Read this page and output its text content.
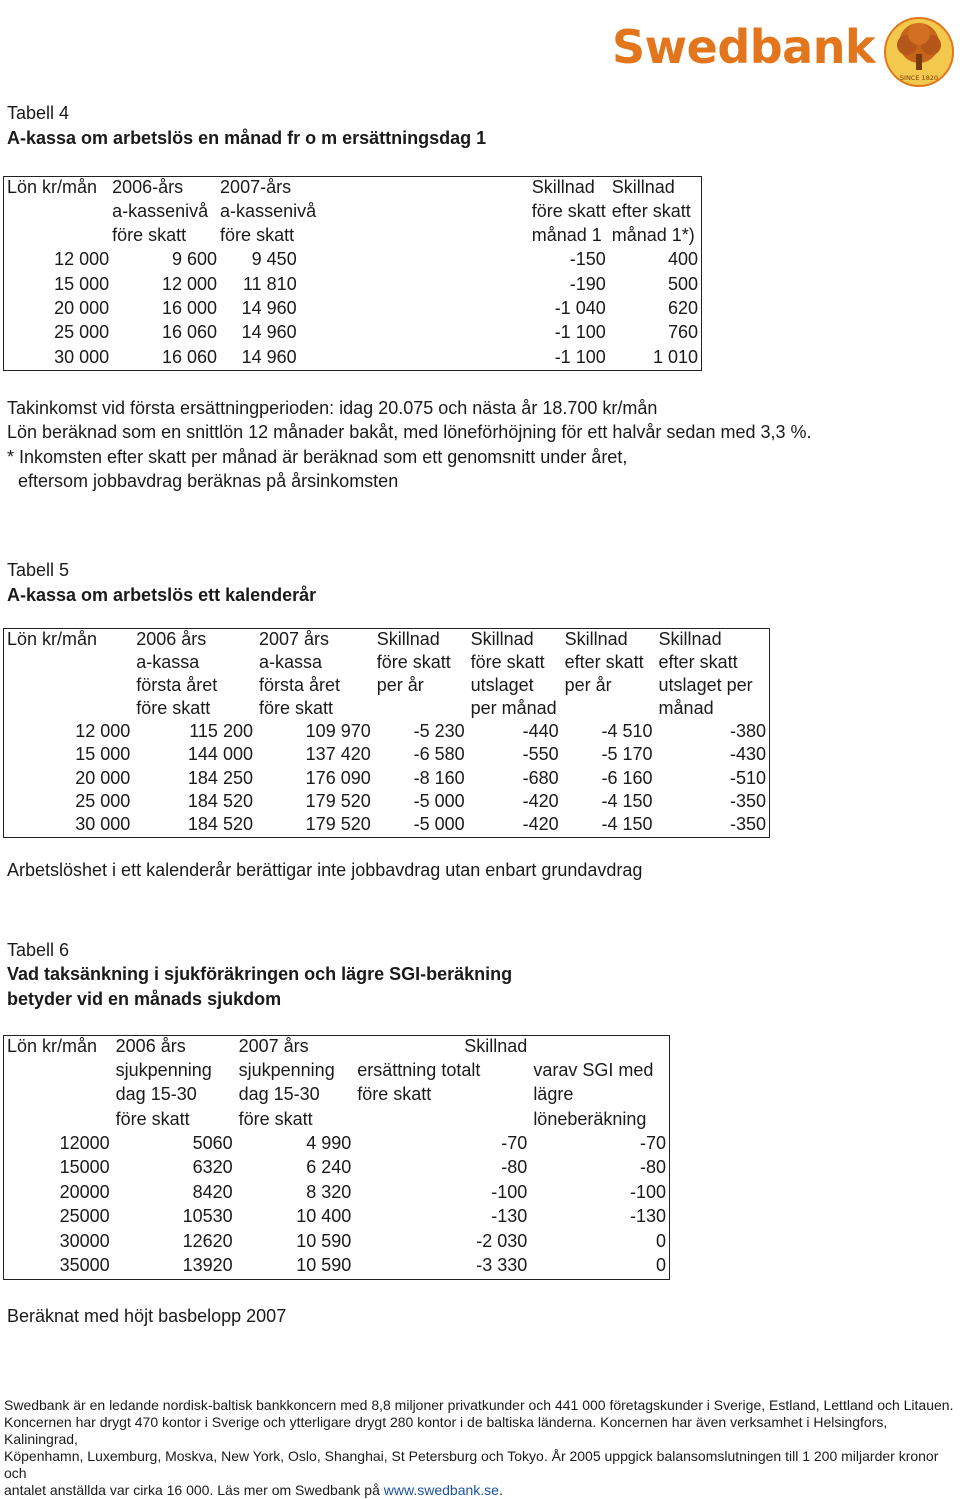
Swedbank
SINCE 1820
Tabell 4
A-kassa om arbetslös en månad fr o m ersättningsdag 1
Lön kr/mån	2006-års	2007-års	Skillnad	Skillnad
	a-kassenivå	a-kassenivå	före skatt	efter skatt
	före skatt	före skatt	månad 1	månad 1*)
12 000	9 600	9 450	-150	400
15 000	12 000	11 810	-190	500
20 000	16 000	14 960	-1 040	620
25 000	16 060	14 960	-1 100	760
30 000	16 060	14 960	-1 100	1 010
Takinkomst vid första ersättningperioden: idag 20.075 och nästa år 18.700 kr/mån
Lön beräknad som en snittlön 12 månader bakåt, med löneförhöjning för ett halvår sedan med 3,3 %.
* Inkomsten efter skatt per månad är beräknad som ett genomsnitt under året,
eftersom jobbavdrag beräknas på årsinkomsten
Tabell 5
A-kassa om arbetslös ett kalenderår
Lön kr/mån	2006 års	2007 års	Skillnad	Skillnad	Skillnad	Skillnad
	a-kassa	a-kassa	före skatt	före skatt	efter skatt	efter skatt
	första året	första året	per år	utslaget	per år	utslaget per
	före skatt	före skatt		per månad		månad
12 000	115 200	109 970	-5 230	-440	-4 510	-380
15 000	144 000	137 420	-6 580	-550	-5 170	-430
20 000	184 250	176 090	-8 160	-680	-6 160	-510
25 000	184 520	179 520	-5 000	-420	-4 150	-350
30 000	184 520	179 520	-5 000	-420	-4 150	-350
Arbetslöshet i ett kalenderår berättigar inte jobbavdrag utan enbart grundavdrag
Tabell 6
Vad taksänkning i sjukföräkringen och lägre SGI-beräkning
betyder vid en månads sjukdom
Lön kr/mån	2006 års	2007 års	Skillnad	
	sjukpenning	sjukpenning	ersättning totalt	varav SGI med
	dag 15-30	dag 15-30	före skatt	lägre
	före skatt	före skatt		löneberäkning
12000	5060	4 990	-70	-70
15000	6320	6 240	-80	-80
20000	8420	8 320	-100	-100
25000	10530	10 400	-130	-130
30000	12620	10 590	-2 030	0
35000	13920	10 590	-3 330	0
Beräknat med höjt basbelopp 2007
Swedbank är en ledande nordisk-baltisk bankkoncern med 8,8 miljoner privatkunder och 441 000 företagskunder i Sverige, Estland, Lettland och Litauen.
Koncernen har drygt 470 kontor i Sverige och ytterligare drygt 280 kontor i de baltiska länderna. Koncernen har även verksamhet i Helsingfors, Kaliningrad,
Köpenhamn, Luxemburg, Moskva, New York, Oslo, Shanghai, St Petersburg och Tokyo. År 2005 uppgick balansomslutningen till 1 200 miljarder kronor och
antalet anställda var cirka 16 000. Läs mer om Swedbank på www.swedbank.se.
